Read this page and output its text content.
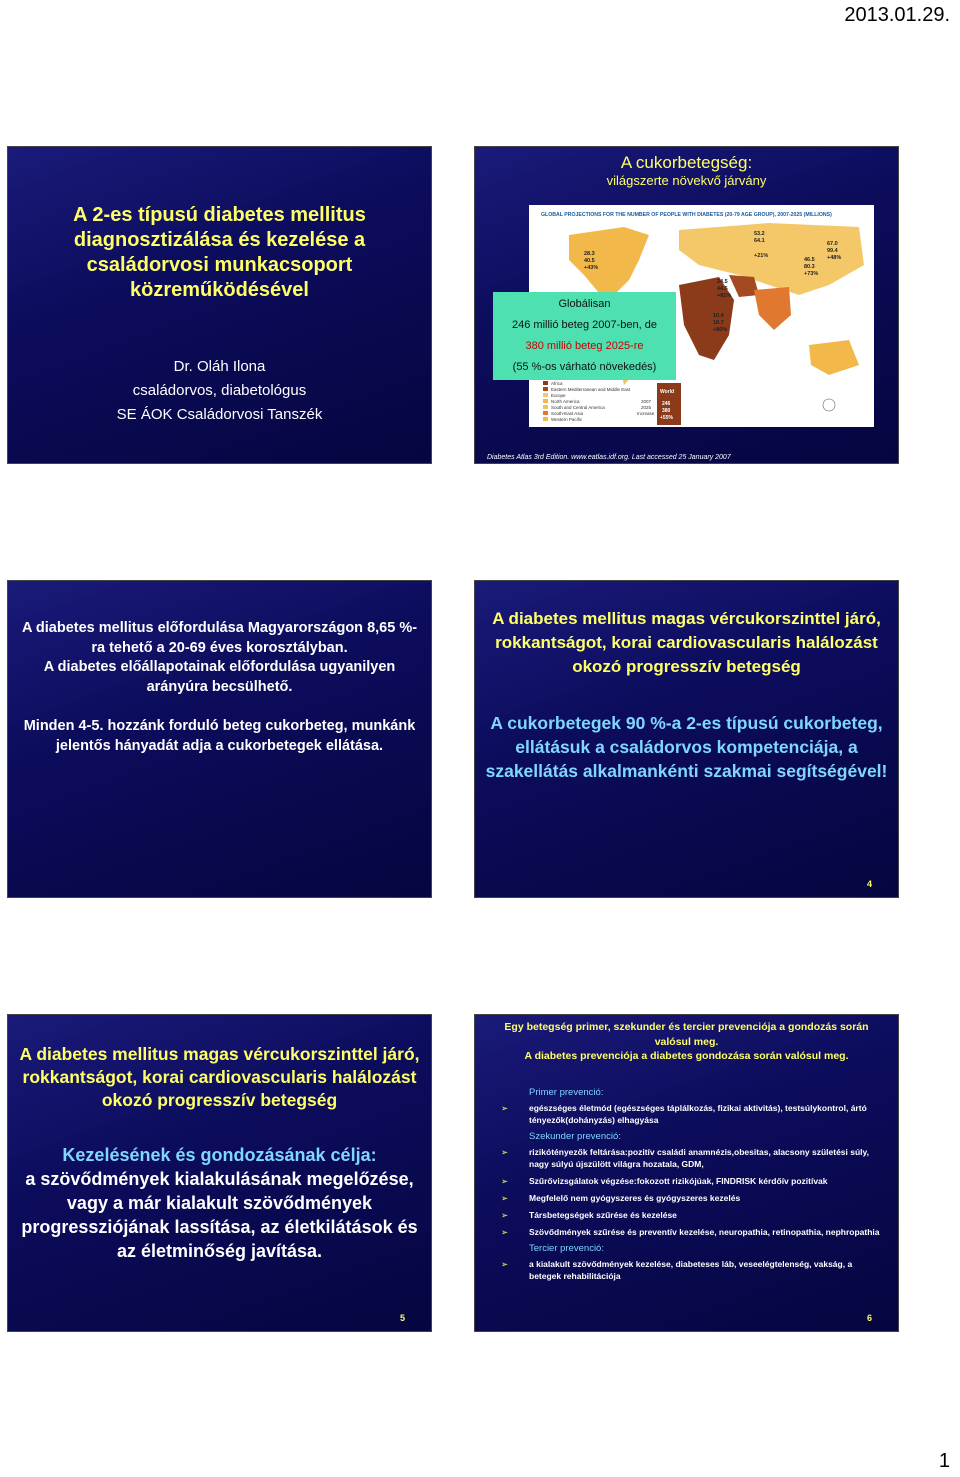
2013.01.29.
A 2-es típusú diabetes mellitus diagnosztizálása és kezelése a családorvosi munkacsoport közreműködésével
Dr. Oláh Ilona
családorvos, diabetológus
SE ÁOK Családorvosi Tanszék
A cukorbetegség:
világszerte növekvő járvány
GLOBAL PROJECTIONS FOR THE NUMBER OF PEOPLE WITH DIABETES (20-79 AGE GROUP), 2007-2025 (MILLIONS)
28.3
40.5
+43%
24.5
44.5
+81%
10.4
18.7
+80%
53.2
64.1
+21%
46.5
80.3
+73%
67.0
99.4
+48%
Africa
Eastern Mediterranean and Middle East
Europe
North America
South and Central America
South-East Asia
Western Pacific
2007
2025
Increase
World
246
380
+55%
Globálisan
246 millió beteg 2007-ben, de
380 millió beteg 2025-re
(55 %-os várható növekedés)
Diabetes Atlas 3rd Edition. www.eatlas.idf.org. Last accessed 25 January 2007
A diabetes mellitus előfordulása Magyarországon 8,65 %-ra tehető a 20-69 éves korosztályban.
A diabetes előállapotainak előfordulása ugyanilyen arányúra becsülhető.
Minden 4-5. hozzánk forduló beteg cukorbeteg, munkánk jelentős hányadát adja a cukorbetegek ellátása.
A diabetes mellitus magas vércukorszinttel járó, rokkantságot, korai cardiovascularis halálozást okozó progresszív betegség
A cukorbetegek 90 %-a 2-es típusú cukorbeteg, ellátásuk a családorvos kompetenciája, a szakellátás alkalmankénti szakmai segítségével!
4
A diabetes mellitus magas vércukorszinttel járó, rokkantságot, korai cardiovascularis halálozást okozó progresszív betegség
Kezelésének és gondozásának célja:
a szövődmények kialakulásának megelőzése, vagy a már kialakult szövődmények progressziójának lassítása, az életkilátások és az életminőség javítása.
5
Egy betegség primer, szekunder és tercier prevenciója a gondozás során valósul meg.
A diabetes prevenciója a diabetes gondozása során valósul meg.
Primer prevenció:
➢ egészséges életmód (egészséges táplálkozás, fizikai aktivitás), testsúlykontrol, ártó tényezők(dohányzás) elhagyása
Szekunder prevenció:
➢ rizikótényezők feltárása:pozitív családi anamnézis,obesitas, alacsony születési súly, nagy súlyú újszülött világra hozatala, GDM,
➢ Szűrővizsgálatok végzése:fokozott rizikójúak, FINDRISK kérdőív pozitívak
➢ Megfelelő nem gyógyszeres és gyógyszeres kezelés
➢ Társbetegségek szűrése és kezelése
➢ Szövődmények szűrése és preventív kezelése, neuropathia, retinopathia, nephropathia
Tercier prevenció:
➢ a kialakult szövődmények kezelése, diabeteses láb, veseelégtelenség, vakság, a betegek rehabilitációja
6
1
